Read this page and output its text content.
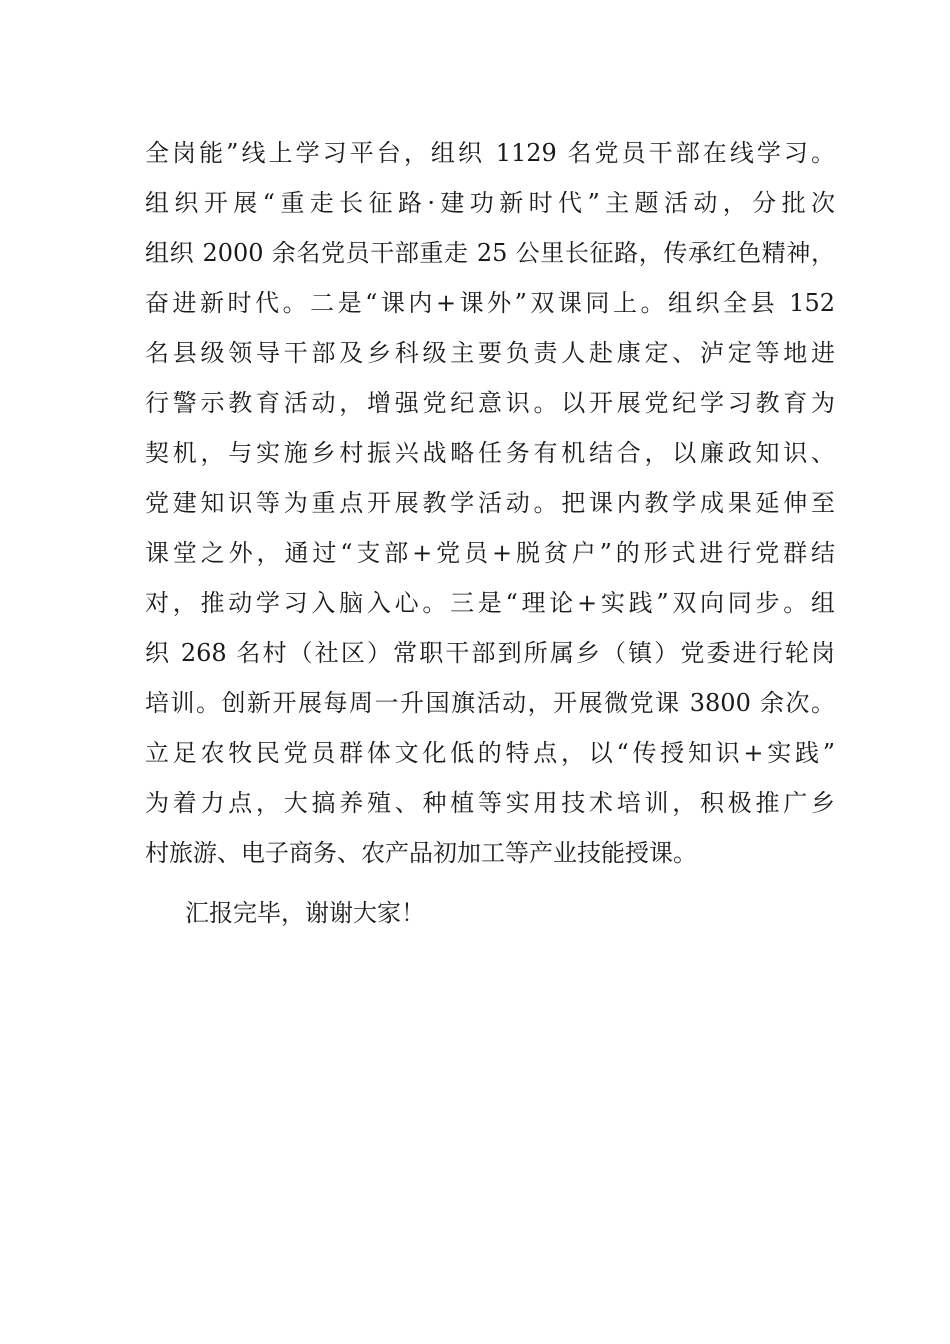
全岗能”线上学习平台，组织 1129 名党员干部在线学习。
组织开展“重走长征路·建功新时代”主题活动，分批次
组织 2000 余名党员干部重走 25 公里长征路，传承红色精神，
奋进新时代。二是“课内+课外”双课同上。组织全县 152
名县级领导干部及乡科级主要负责人赴康定、泸定等地进
行警示教育活动，增强党纪意识。以开展党纪学习教育为
契机，与实施乡村振兴战略任务有机结合，以廉政知识、
党建知识等为重点开展教学活动。把课内教学成果延伸至
课堂之外，通过“支部+党员+脱贫户”的形式进行党群结
对，推动学习入脑入心。三是“理论+实践”双向同步。组
织 268 名村（社区）常职干部到所属乡（镇）党委进行轮岗
培训。创新开展每周一升国旗活动，开展微党课 3800 余次。
立足农牧民党员群体文化低的特点，以“传授知识+实践”
为着力点，大搞养殖、种植等实用技术培训，积极推广乡
村旅游、电子商务、农产品初加工等产业技能授课。
汇报完毕，谢谢大家！
